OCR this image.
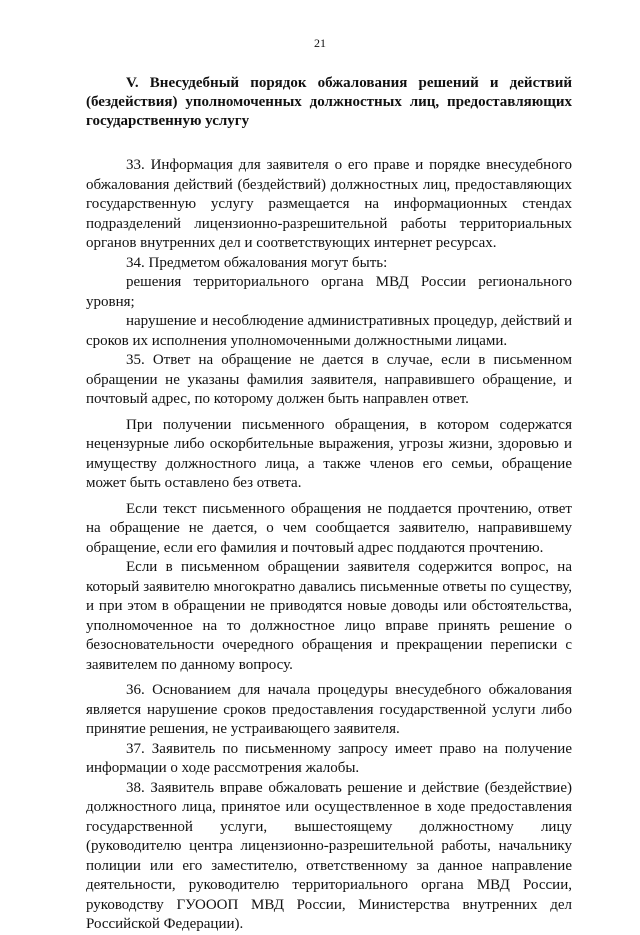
21
V. Внесудебный порядок обжалования решений и действий (бездействия) уполномоченных должностных лиц, предоставляющих государственную услугу

33. Информация для заявителя о его праве и порядке внесудебного обжалования действий (бездействий) должностных лиц, предоставляющих государственную услугу размещается на информационных стендах подразделений лицензионно-разрешительной работы территориальных органов внутренних дел и соответствующих интернет ресурсах.

34. Предметом обжалования могут быть:

решения территориального органа МВД России регионального уровня;

нарушение и несоблюдение административных процедур, действий и сроков их исполнения уполномоченными должностными лицами.

35. Ответ на обращение не дается в случае, если в письменном обращении не указаны фамилия заявителя, направившего обращение, и почтовый адрес, по которому должен быть направлен ответ.

При получении письменного обращения, в котором содержатся нецензурные либо оскорбительные выражения, угрозы жизни, здоровью и имуществу должностного лица, а также членов его семьи, обращение может быть оставлено без ответа.

Если текст письменного обращения не поддается прочтению, ответ на обращение не дается, о чем сообщается заявителю, направившему обращение, если его фамилия и почтовый адрес поддаются прочтению.

Если в письменном обращении заявителя содержится вопрос, на который заявителю многократно давались письменные ответы по существу, и при этом в обращении не приводятся новые доводы или обстоятельства, уполномоченное на то должностное лицо вправе принять решение о безосновательности очередного обращения и прекращении переписки с заявителем по данному вопросу.

36. Основанием для начала процедуры внесудебного обжалования является нарушение сроков предоставления государственной услуги либо принятие решения, не устраивающего заявителя.

37. Заявитель по письменному запросу имеет право на получение информации о ходе рассмотрения жалобы.

38. Заявитель вправе обжаловать решение и действие (бездействие) должностного лица, принятое или осуществленное в ходе предоставления государственной услуги, вышестоящему должностному лицу (руководителю центра лицензионно-разрешительной работы, начальнику полиции или его заместителю, ответственному за данное направление деятельности, руководителю территориального органа МВД России, руководству ГУОООП МВД России, Министерства внутренних дел Российской Федерации).
